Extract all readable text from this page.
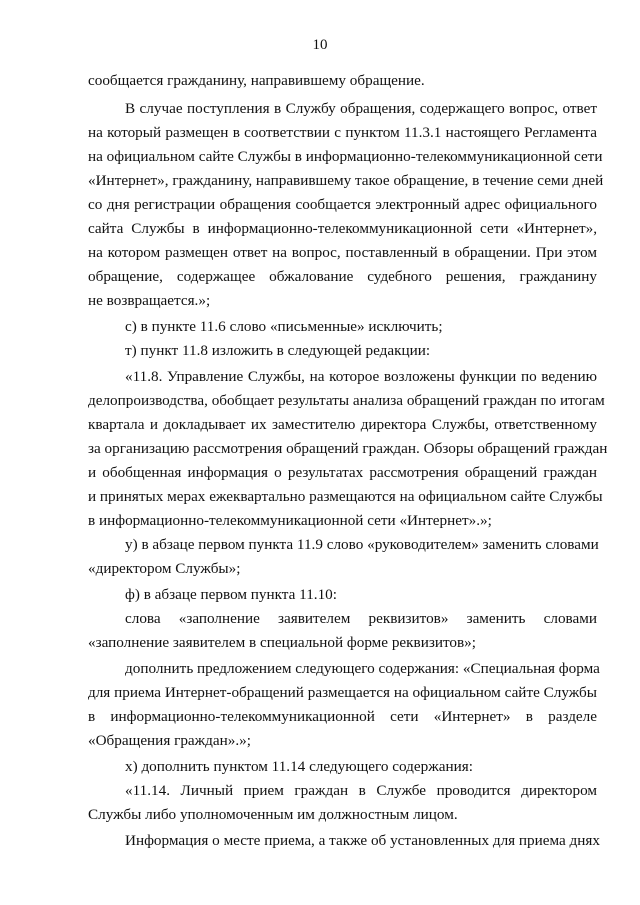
10
сообщается гражданину, направившему обращение.
В случае поступления в Службу обращения, содержащего вопрос, ответ
на который размещен в соответствии с пунктом 11.3.1 настоящего Регламента
на официальном сайте Службы в информационно-телекоммуникационной сети
«Интернет», гражданину, направившему такое обращение, в течение семи дней
со дня регистрации обращения сообщается электронный адрес официального
сайта Службы в информационно-телекоммуникационной сети «Интернет»,
на котором размещен ответ на вопрос, поставленный в обращении. При этом
обращение, содержащее обжалование судебного решения, гражданину
не возвращается.»;
с) в пункте 11.6 слово «письменные» исключить;
т) пункт 11.8 изложить в следующей редакции:
«11.8. Управление Службы, на которое возложены функции по ведению
делопроизводства, обобщает результаты анализа обращений граждан по итогам
квартала и докладывает их заместителю директора Службы, ответственному
за организацию рассмотрения обращений граждан. Обзоры обращений граждан
и обобщенная информация о результатах рассмотрения обращений граждан
и принятых мерах ежеквартально размещаются на официальном сайте Службы
в информационно-телекоммуникационной сети «Интернет».»;
у) в абзаце первом пункта 11.9 слово «руководителем» заменить словами
«директором Службы»;
ф) в абзаце первом пункта 11.10:
слова «заполнение заявителем реквизитов» заменить словами
«заполнение заявителем в специальной форме реквизитов»;
дополнить предложением следующего содержания: «Специальная форма
для приема Интернет-обращений размещается на официальном сайте Службы
в информационно-телекоммуникационной сети «Интернет» в разделе
«Обращения граждан».»;
х) дополнить пунктом 11.14 следующего содержания:
«11.14. Личный прием граждан в Службе проводится директором
Службы либо уполномоченным им должностным лицом.
Информация о месте приема, а также об установленных для приема днях
